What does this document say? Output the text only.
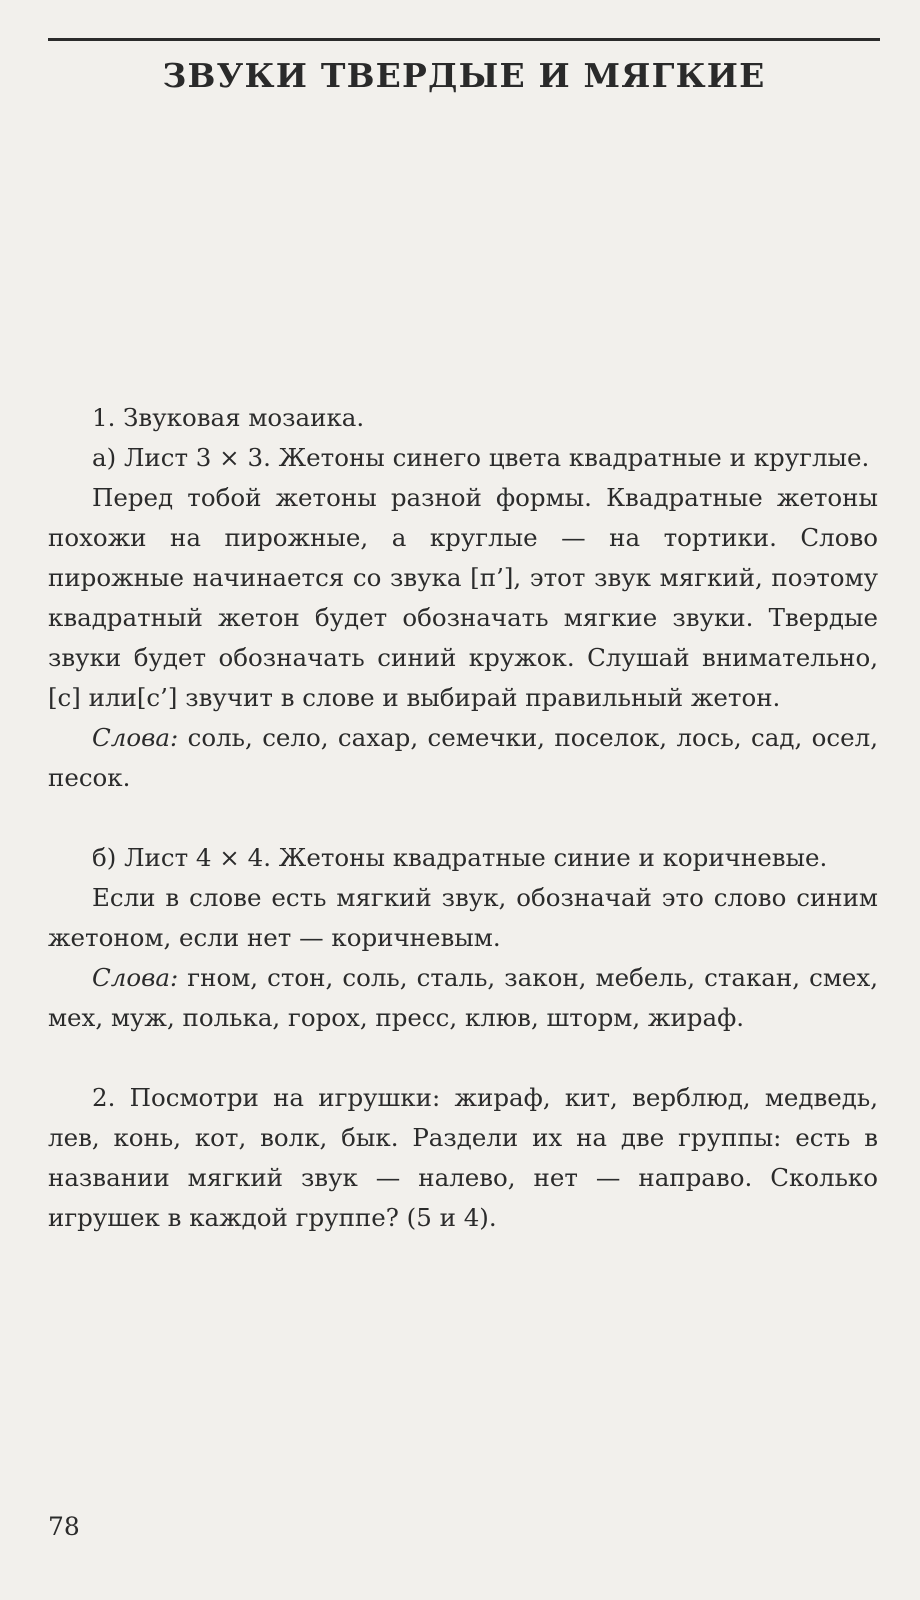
ЗВУКИ ТВЕРДЫЕ И МЯГКИЕ

1. Звуковая мозаика.

а) Лист 3 × 3. Жетоны синего цвета квадратные и круглые.

Перед тобой жетоны разной формы. Квадратные жетоны похожи на пирожные, а круглые — на тортики. Слово пирожные начинается со звука [п’], этот звук мягкий, поэтому квадратный жетон будет обозначать мягкие звуки. Твердые звуки будет обозначать синий кружок. Слушай внимательно, [с] или[с’] звучит в слове и выбирай правильный жетон.

Слова: соль, село, сахар, семечки, поселок, лось, сад, осел, песок.

б) Лист 4 × 4. Жетоны квадратные синие и коричневые.

Если в слове есть мягкий звук, обозначай это слово синим жетоном, если нет — коричневым.

Слова: гном, стон, соль, сталь, закон, мебель, стакан, смех, мех, муж, полька, горох, пресс, клюв, шторм, жираф.

2. Посмотри на игрушки: жираф, кит, верблюд, медведь, лев, конь, кот, волк, бык. Раздели их на две группы: есть в названии мягкий звук — налево, нет — направо. Сколько игрушек в каждой группе? (5 и 4).

78
